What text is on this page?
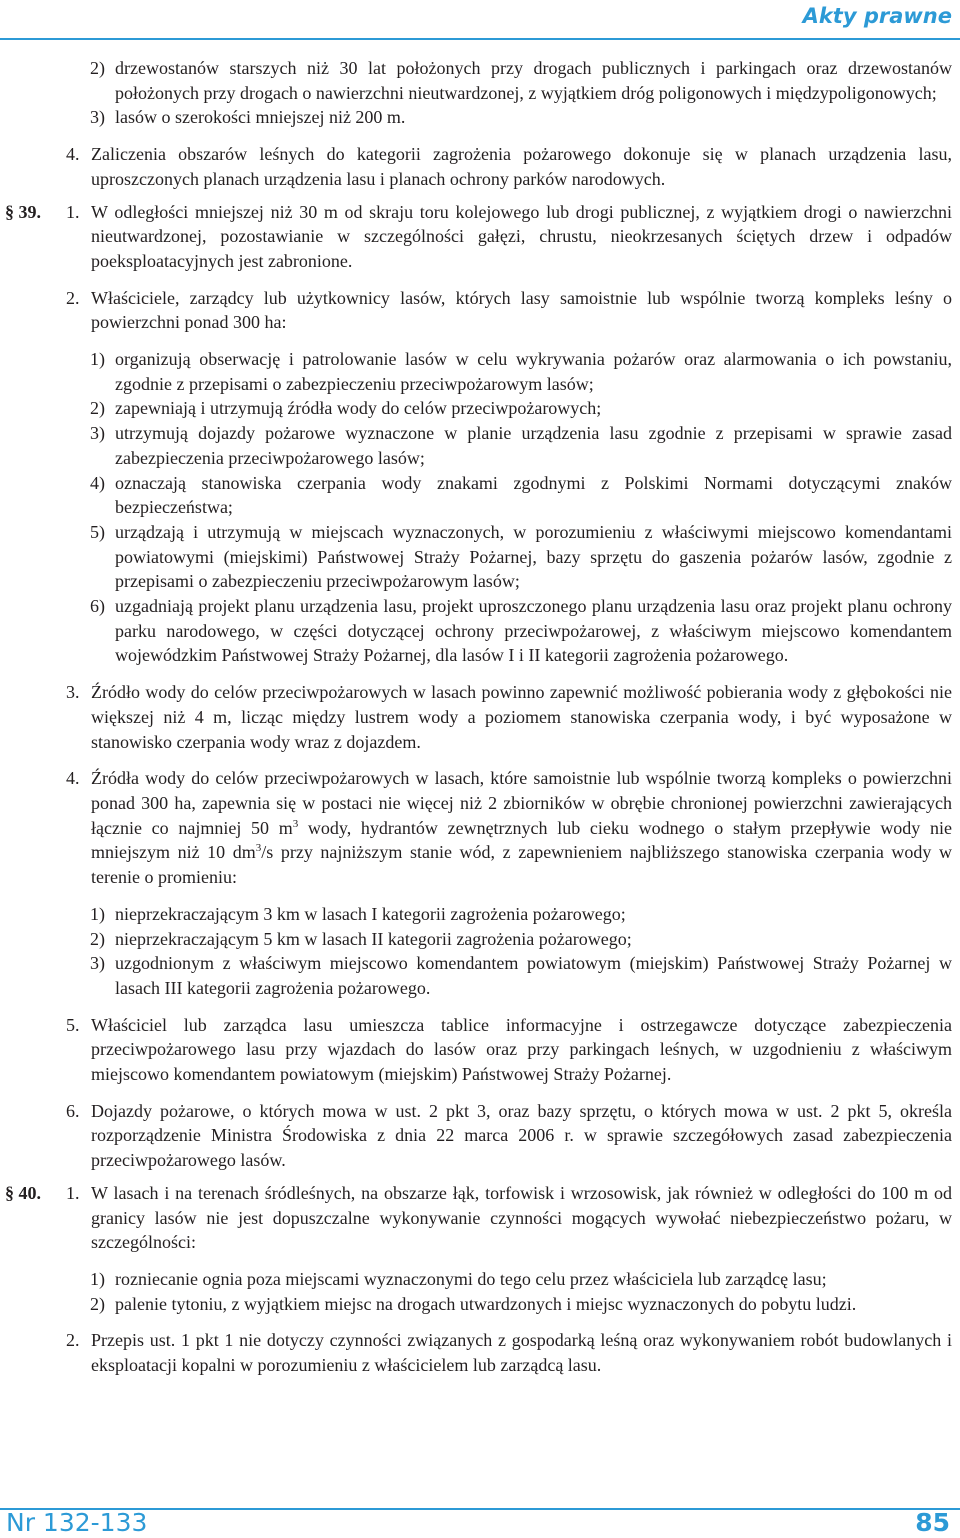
Akty prawne
2) drzewostanów starszych niż 30 lat położonych przy drogach publicznych i parkingach oraz drzewostanów położonych przy drogach o nawierzchni nieutwardzonej, z wyjątkiem dróg poligonowych i międzypoligonowych;
3) lasów o szerokości mniejszej niż 200 m.
4. Zaliczenia obszarów leśnych do kategorii zagrożenia pożarowego dokonuje się w planach urządzenia lasu, uproszczonych planach urządzenia lasu i planach ochrony parków narodowych.
§ 39. 1. W odległości mniejszej niż 30 m od skraju toru kolejowego lub drogi publicznej, z wyjątkiem drogi o nawierzchni nieutwardzonej, pozostawianie w szczególności gałęzi, chrustu, nieokrzesanych ściętych drzew i odpadów poeksploatacyjnych jest zabronione.
2. Właściciele, zarządcy lub użytkownicy lasów, których lasy samoistnie lub wspólnie tworzą kompleks leśny o powierzchni ponad 300 ha:
1) organizują obserwację i patrolowanie lasów w celu wykrywania pożarów oraz alarmowania o ich powstaniu, zgodnie z przepisami o zabezpieczeniu przeciwpożarowym lasów;
2) zapewniają i utrzymują źródła wody do celów przeciwpożarowych;
3) utrzymują dojazdy pożarowe wyznaczone w planie urządzenia lasu zgodnie z przepisami w sprawie zasad zabezpieczenia przeciwpożarowego lasów;
4) oznaczają stanowiska czerpania wody znakami zgodnymi z Polskimi Normami dotyczącymi znaków bezpieczeństwa;
5) urządzają i utrzymują w miejscach wyznaczonych, w porozumieniu z właściwymi miejscowo komendantami powiatowymi (miejskimi) Państwowej Straży Pożarnej, bazy sprzętu do gaszenia pożarów lasów, zgodnie z przepisami o zabezpieczeniu przeciwpożarowym lasów;
6) uzgadniają projekt planu urządzenia lasu, projekt uproszczonego planu urządzenia lasu oraz projekt planu ochrony parku narodowego, w części dotyczącej ochrony przeciwpożarowej, z właściwym miejscowo komendantem wojewódzkim Państwowej Straży Pożarnej, dla lasów I i II kategorii zagrożenia pożarowego.
3. Źródło wody do celów przeciwpożarowych w lasach powinno zapewnić możliwość pobierania wody z głębokości nie większej niż 4 m, licząc między lustrem wody a poziomem stanowiska czerpania wody, i być wyposażone w stanowisko czerpania wody wraz z dojazdem.
4. Źródła wody do celów przeciwpożarowych w lasach, które samoistnie lub wspólnie tworzą kompleks o powierzchni ponad 300 ha, zapewnia się w postaci nie więcej niż 2 zbiorników w obrębie chronionej powierzchni zawierających łącznie co najmniej 50 $m^3$ wody, hydrantów zewnętrznych lub cieku wodnego o stałym przepływie wody nie mniejszym niż 10 $dm^3/s$ przy najniższym stanie wód, z zapewnieniem najbliższego stanowiska czerpania wody w terenie o promieniu:
1) nieprzekraczającym 3 km w lasach I kategorii zagrożenia pożarowego;
2) nieprzekraczającym 5 km w lasach II kategorii zagrożenia pożarowego;
3) uzgodnionym z właściwym miejscowo komendantem powiatowym (miejskim) Państwowej Straży Pożarnej w lasach III kategorii zagrożenia pożarowego.
5. Właściciel lub zarządca lasu umieszcza tablice informacyjne i ostrzegawcze dotyczące zabezpieczenia przeciwpożarowego lasu przy wjazdach do lasów oraz przy parkingach leśnych, w uzgodnieniu z właściwym miejscowo komendantem powiatowym (miejskim) Państwowej Straży Pożarnej.
6. Dojazdy pożarowe, o których mowa w ust. 2 pkt 3, oraz bazy sprzętu, o których mowa w ust. 2 pkt 5, określa rozporządzenie Ministra Środowiska z dnia 22 marca 2006 r. w sprawie szczegółowych zasad zabezpieczenia przeciwpożarowego lasów.
§ 40. 1. W lasach i na terenach śródleśnych, na obszarze łąk, torfowisk i wrzosowisk, jak również w odległości do 100 m od granicy lasów nie jest dopuszczalne wykonywanie czynności mogących wywołać niebezpieczeństwo pożaru, w szczególności:
1) rozniecanie ognia poza miejscami wyznaczonymi do tego celu przez właściciela lub zarządcę lasu;
2) palenie tytoniu, z wyjątkiem miejsc na drogach utwardzonych i miejsc wyznaczonych do pobytu ludzi.
2. Przepis ust. 1 pkt 1 nie dotyczy czynności związanych z gospodarką leśną oraz wykonywaniem robót budowlanych i eksploatacji kopalni w porozumieniu z właścicielem lub zarządcą lasu.
Nr 132-133	85
